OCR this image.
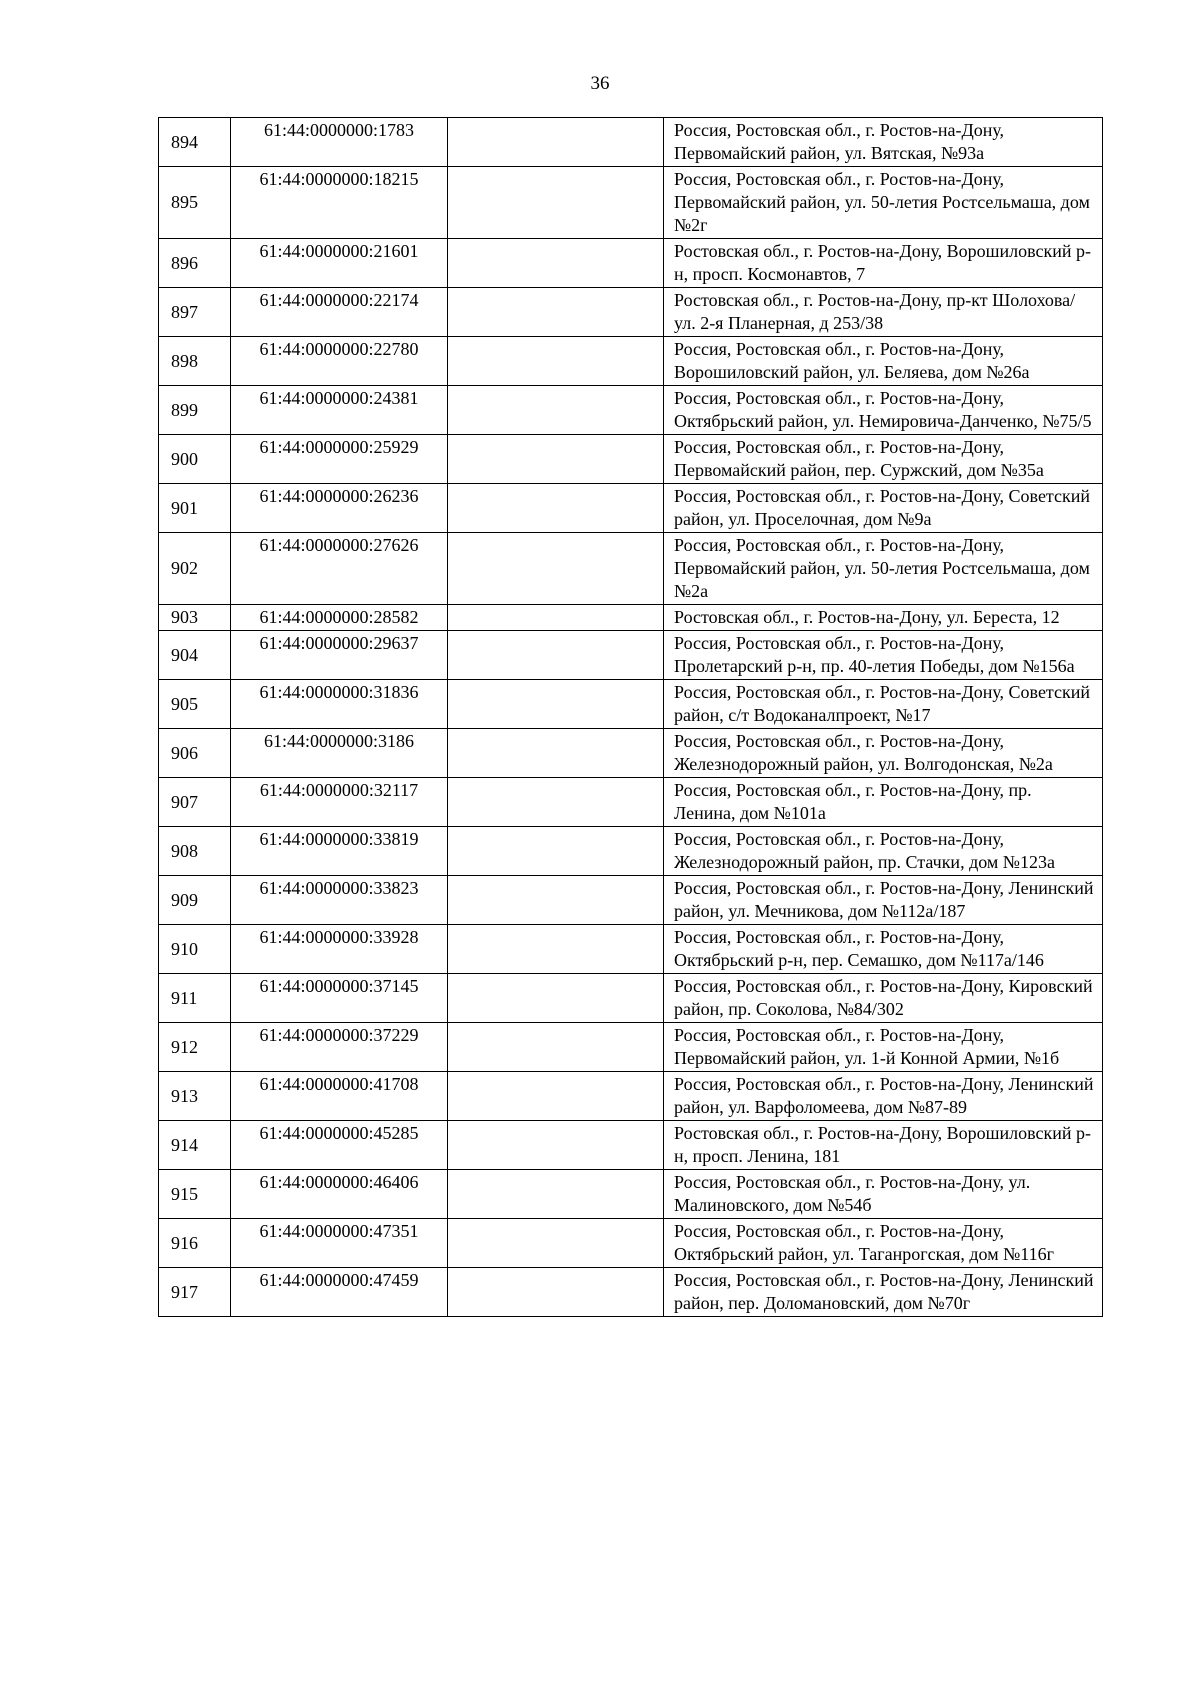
36
894	61:44:0000000:1783		Россия, Ростовская обл., г. Ростов-на-Дону, Первомайский район, ул. Вятская, №93а
895	61:44:0000000:18215		Россия, Ростовская обл., г. Ростов-на-Дону, Первомайский район, ул. 50-летия Ростсельмаша, дом №2г
896	61:44:0000000:21601		Ростовская обл., г. Ростов-на-Дону, Ворошиловский р-н, просп. Космонавтов, 7
897	61:44:0000000:22174		Ростовская обл., г. Ростов-на-Дону, пр-кт Шолохова/ул. 2-я Планерная, д 253/38
898	61:44:0000000:22780		Россия, Ростовская обл., г. Ростов-на-Дону, Ворошиловский район, ул. Беляева, дом №26а
899	61:44:0000000:24381		Россия, Ростовская обл., г. Ростов-на-Дону, Октябрьский район, ул. Немировича-Данченко, №75/5
900	61:44:0000000:25929		Россия, Ростовская обл., г. Ростов-на-Дону, Первомайский район, пер. Суржский, дом №35а
901	61:44:0000000:26236		Россия, Ростовская обл., г. Ростов-на-Дону, Советский район, ул. Проселочная, дом №9а
902	61:44:0000000:27626		Россия, Ростовская обл., г. Ростов-на-Дону, Первомайский район, ул. 50-летия Ростсельмаша, дом №2а
903	61:44:0000000:28582		Ростовская обл., г. Ростов-на-Дону, ул. Береста, 12
904	61:44:0000000:29637		Россия, Ростовская обл., г. Ростов-на-Дону, Пролетарский р-н, пр. 40-летия Победы, дом №156а
905	61:44:0000000:31836		Россия, Ростовская обл., г. Ростов-на-Дону, Советский район, с/т Водоканалпроект, №17
906	61:44:0000000:3186		Россия, Ростовская обл., г. Ростов-на-Дону, Железнодорожный район, ул. Волгодонская, №2а
907	61:44:0000000:32117		Россия, Ростовская обл., г. Ростов-на-Дону, пр. Ленина, дом №101а
908	61:44:0000000:33819		Россия, Ростовская обл., г. Ростов-на-Дону, Железнодорожный район, пр. Стачки, дом №123а
909	61:44:0000000:33823		Россия, Ростовская обл., г. Ростов-на-Дону, Ленинский район, ул. Мечникова, дом №112а/187
910	61:44:0000000:33928		Россия, Ростовская обл., г. Ростов-на-Дону, Октябрьский р-н, пер. Семашко, дом №117а/146
911	61:44:0000000:37145		Россия, Ростовская обл., г. Ростов-на-Дону, Кировский район, пр. Соколова, №84/302
912	61:44:0000000:37229		Россия, Ростовская обл., г. Ростов-на-Дону, Первомайский район, ул. 1-й Конной Армии, №1б
913	61:44:0000000:41708		Россия, Ростовская обл., г. Ростов-на-Дону, Ленинский район, ул. Варфоломеева, дом №87-89
914	61:44:0000000:45285		Ростовская обл., г. Ростов-на-Дону, Ворошиловский р-н, просп. Ленина, 181
915	61:44:0000000:46406		Россия, Ростовская обл., г. Ростов-на-Дону, ул. Малиновского, дом №54б
916	61:44:0000000:47351		Россия, Ростовская обл., г. Ростов-на-Дону, Октябрьский район, ул. Таганрогская, дом №116г
917	61:44:0000000:47459		Россия, Ростовская обл., г. Ростов-на-Дону, Ленинский район, пер. Доломановский, дом №70г
